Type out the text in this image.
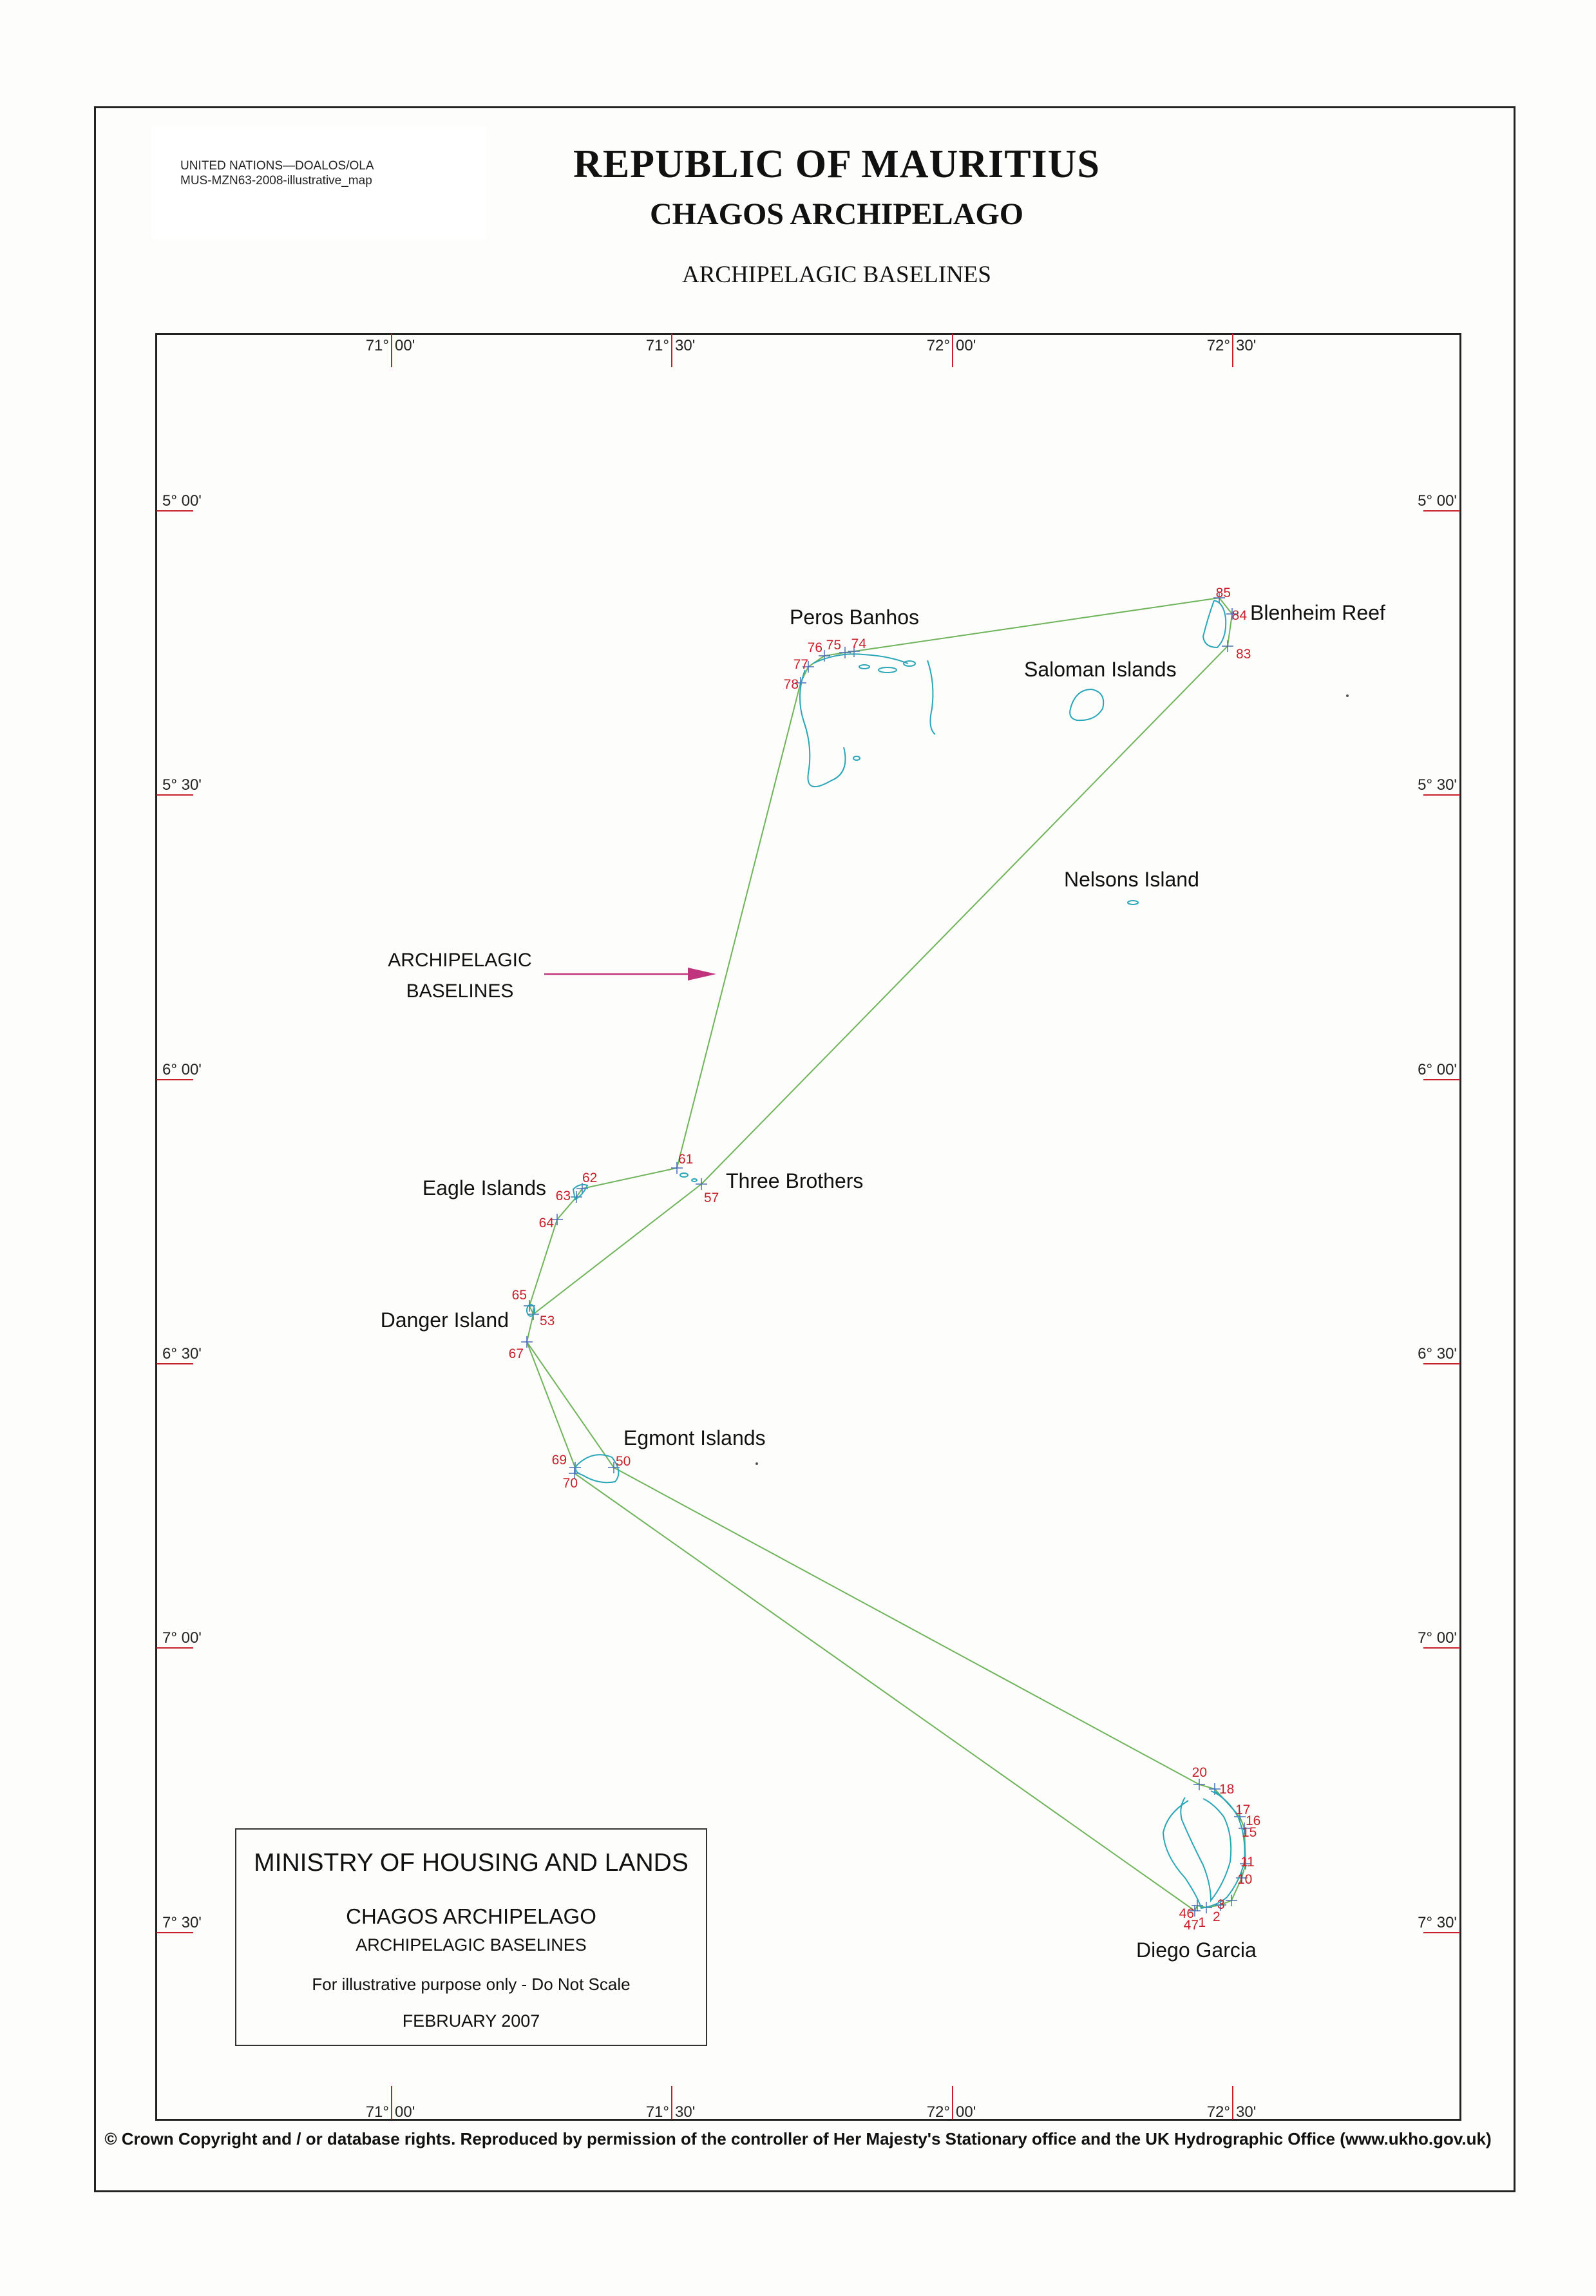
UNITED NATIONS—DOALOS/OLA
MUS-MZN63-2008-illustrative_map	REPUBLIC OF MAURITIUS
CHAGOS ARCHIPELAGO
ARCHIPELAGIC BASELINES
71° 00'
71° 00'
71° 30'
71° 30'
72° 00'
72° 00'
72° 30'
72° 30'
5° 00'	5° 00'
5° 30'	5° 30'
6° 00'	6° 00'
6° 30'	6° 30'
7° 00'	7° 00'
7° 30'	7° 30'
Peros Banhos	Blenheim Reef
Saloman Islands
Nelsons Island
Eagle Islands	Three Brothers
Danger Island
Egmont Islands
Diego Garcia
85
84
83
76 75 74
77
78
61
62
63
64
57
65
53
67
69	50
70
20
18
17
16
15
11
10
3
2
1
46
47
ARCHIPELAGIC
BASELINES
MINISTRY OF HOUSING AND LANDS
CHAGOS ARCHIPELAGO
ARCHIPELAGIC BASELINES
For illustrative purpose only - Do Not Scale
FEBRUARY 2007
© Crown Copyright and / or database rights. Reproduced by permission of the controller of Her Majesty's Stationary office and the UK Hydrographic Office (www.ukho.gov.uk)
